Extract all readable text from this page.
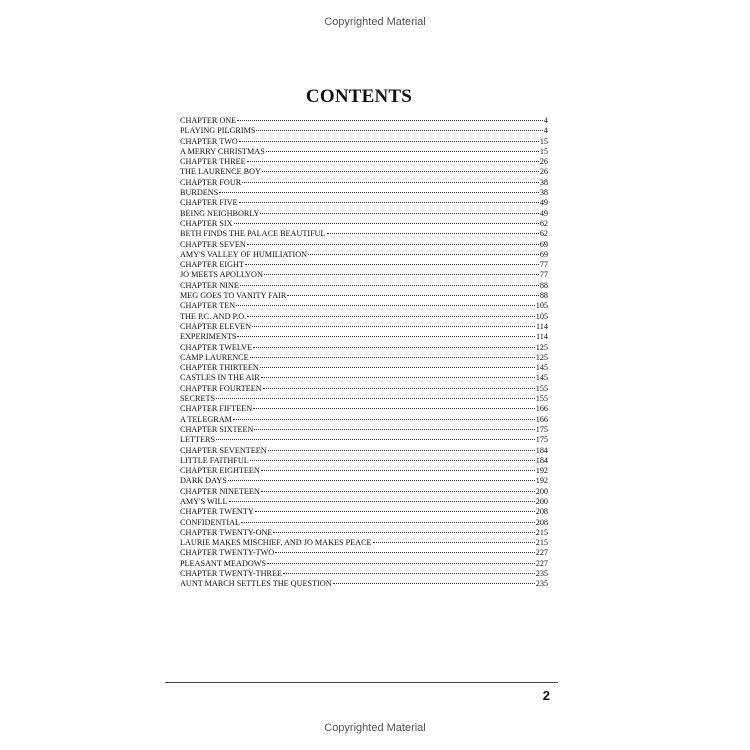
Copyrighted Material
CONTENTS
CHAPTER ONE	4
PLAYING PILGRIMS	4
CHAPTER TWO	15
A MERRY CHRISTMAS	15
CHAPTER THREE	26
THE LAURENCE BOY	26
CHAPTER FOUR	38
BURDENS	38
CHAPTER FIVE	49
BEING NEIGHBORLY	49
CHAPTER SIX	62
BETH FINDS THE PALACE BEAUTIFUL	62
CHAPTER SEVEN	69
AMY'S VALLEY OF HUMILIATION	69
CHAPTER EIGHT	77
JO MEETS APOLLYON	77
CHAPTER NINE	88
MEG GOES TO VANITY FAIR	88
CHAPTER TEN	105
THE P.C. AND P.O.	105
CHAPTER ELEVEN	114
EXPERIMENTS	114
CHAPTER TWELVE	125
CAMP LAURENCE	125
CHAPTER THIRTEEN	145
CASTLES IN THE AIR	145
CHAPTER FOURTEEN	155
SECRETS	155
CHAPTER FIFTEEN	166
A TELEGRAM	166
CHAPTER SIXTEEN	175
LETTERS	175
CHAPTER SEVENTEEN	184
LITTLE FAITHFUL	184
CHAPTER EIGHTEEN	192
DARK DAYS	192
CHAPTER NINETEEN	200
AMY'S WILL	200
CHAPTER TWENTY	208
CONFIDENTIAL	208
CHAPTER TWENTY-ONE	215
LAURIE MAKES MISCHIEF, AND JO MAKES PEACE	215
CHAPTER TWENTY-TWO	227
PLEASANT MEADOWS	227
CHAPTER TWENTY-THREE	235
AUNT MARCH SETTLES THE QUESTION	235
2
Copyrighted Material
